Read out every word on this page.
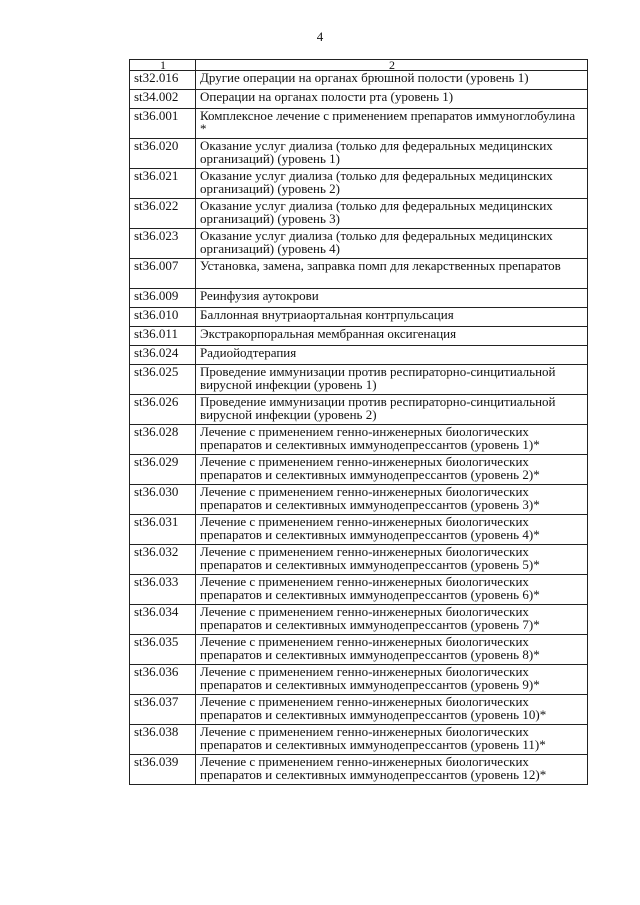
4
1	2
st32.016	Другие операции на органах брюшной полости (уровень 1)
st34.002	Операции на органах полости рта (уровень 1)
st36.001	Комплексное лечение с применением препаратов иммуноглобулина *
st36.020	Оказание услуг диализа (только для федеральных медицинских организаций) (уровень 1)
st36.021	Оказание услуг диализа (только для федеральных медицинских организаций) (уровень 2)
st36.022	Оказание услуг диализа (только для федеральных медицинских организаций) (уровень 3)
st36.023	Оказание услуг диализа (только для федеральных медицинских организаций) (уровень 4)
st36.007	Установка, замена, заправка помп для лекарственных препаратов
st36.009	Реинфузия аутокрови
st36.010	Баллонная внутриаортальная контрпульсация
st36.011	Экстракорпоральная мембранная оксигенация
st36.024	Радиойодтерапия
st36.025	Проведение иммунизации против респираторно-синцитиальной вирусной инфекции (уровень 1)
st36.026	Проведение иммунизации против респираторно-синцитиальной вирусной инфекции (уровень 2)
st36.028	Лечение с применением генно-инженерных биологических препаратов и селективных иммунодепрессантов (уровень 1)*
st36.029	Лечение с применением генно-инженерных биологических препаратов и селективных иммунодепрессантов (уровень 2)*
st36.030	Лечение с применением генно-инженерных биологических препаратов и селективных иммунодепрессантов (уровень 3)*
st36.031	Лечение с применением генно-инженерных биологических препаратов и селективных иммунодепрессантов (уровень 4)*
st36.032	Лечение с применением генно-инженерных биологических препаратов и селективных иммунодепрессантов (уровень 5)*
st36.033	Лечение с применением генно-инженерных биологических препаратов и селективных иммунодепрессантов (уровень 6)*
st36.034	Лечение с применением генно-инженерных биологических препаратов и селективных иммунодепрессантов (уровень 7)*
st36.035	Лечение с применением генно-инженерных биологических препаратов и селективных иммунодепрессантов (уровень 8)*
st36.036	Лечение с применением генно-инженерных биологических препаратов и селективных иммунодепрессантов (уровень 9)*
st36.037	Лечение с применением генно-инженерных биологических препаратов и селективных иммунодепрессантов (уровень 10)*
st36.038	Лечение с применением генно-инженерных биологических препаратов и селективных иммунодепрессантов (уровень 11)*
st36.039	Лечение с применением генно-инженерных биологических препаратов и селективных иммунодепрессантов (уровень 12)*
